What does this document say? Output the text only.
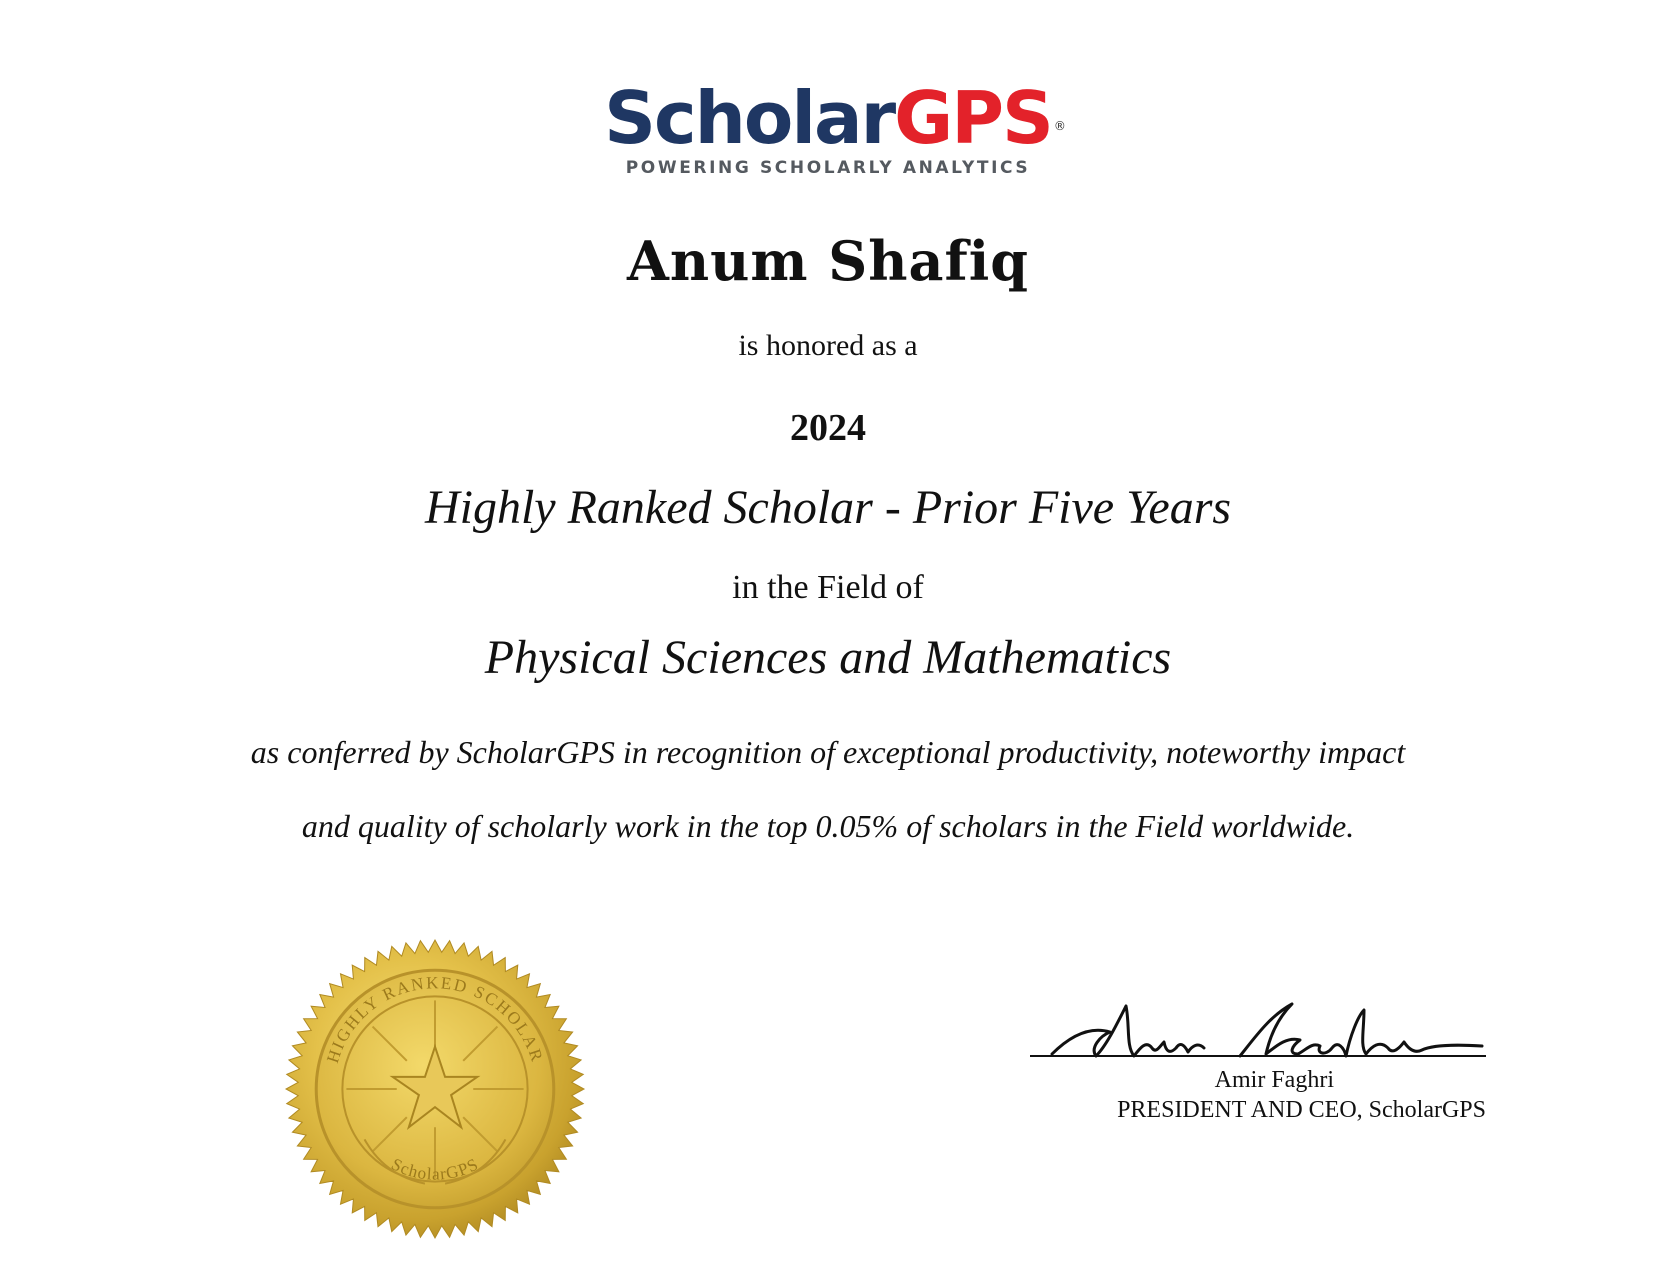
ScholarGPS ®
POWERING SCHOLARLY ANALYTICS
Anum Shafiq
is honored as a
2024
Highly Ranked Scholar - Prior Five Years
in the Field of
Physical Sciences and Mathematics
as conferred by ScholarGPS in recognition of exceptional productivity, noteworthy impact
and quality of scholarly work in the top 0.05% of scholars in the Field worldwide.
HIGHLY RANKED SCHOLAR
ScholarGPS
Amir Faghri
PRESIDENT AND CEO, ScholarGPS
